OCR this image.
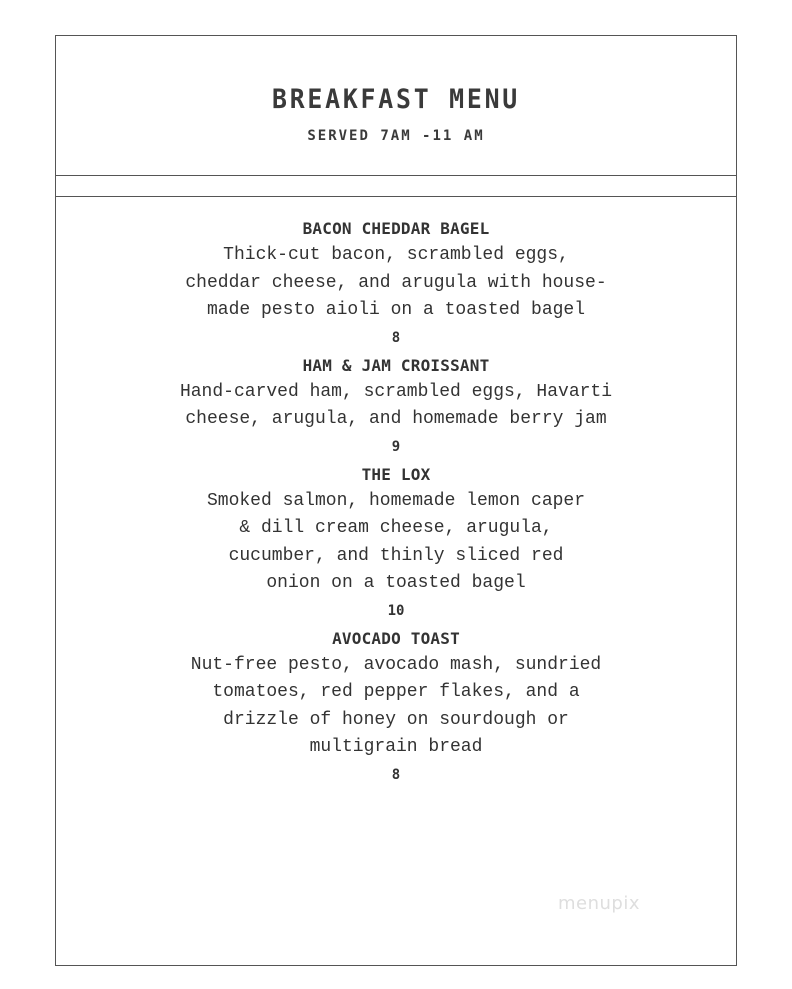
BREAKFAST MENU
SERVED 7AM -11 AM
BACON CHEDDAR BAGEL
Thick-cut bacon, scrambled eggs, cheddar cheese, and arugula with house-made pesto aioli on a toasted bagel
8
HAM & JAM CROISSANT
Hand-carved ham, scrambled eggs, Havarti cheese, arugula, and homemade berry jam
9
THE LOX
Smoked salmon, homemade lemon caper & dill cream cheese, arugula, cucumber, and thinly sliced red onion on a toasted bagel
10
AVOCADO TOAST
Nut-free pesto, avocado mash, sundried tomatoes, red pepper flakes, and a drizzle of honey on sourdough or multigrain bread
8
menupix
